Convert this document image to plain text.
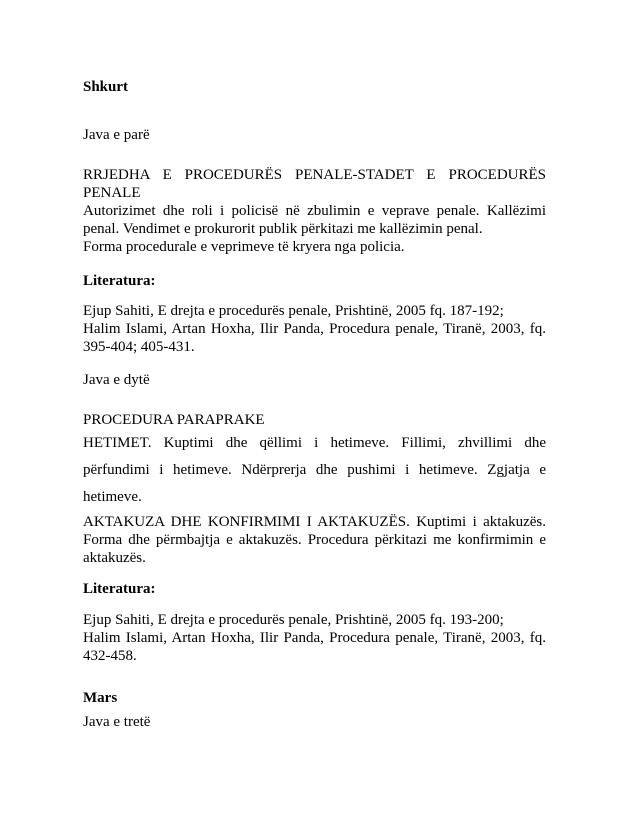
Shkurt
Java e parë
RRJEDHA E PROCEDURËS PENALE-STADET E PROCEDURËS
PENALE
Autorizimet dhe roli i policisë në zbulimin e veprave penale. Kallëzimi
penal. Vendimet e prokurorit publik përkitazi me kallëzimin penal.
Forma procedurale e veprimeve të kryera nga policia.
Literatura:
Ejup Sahiti, E drejta e procedurës penale, Prishtinë, 2005 fq. 187-192;
Halim Islami, Artan Hoxha, Ilir Panda, Procedura penale, Tiranë, 2003, fq.
395-404; 405-431.
Java e dytë
PROCEDURA PARAPRAKE
HETIMET. Kuptimi dhe qëllimi i hetimeve. Fillimi, zhvillimi dhe
përfundimi i hetimeve. Ndërprerja dhe pushimi i hetimeve. Zgjatja e
hetimeve.
AKTAKUZA DHE KONFIRMIMI I AKTAKUZËS. Kuptimi i aktakuzës.
Forma dhe përmbajtja e aktakuzës. Procedura përkitazi me konfirmimin e
aktakuzës.
Literatura:
Ejup Sahiti, E drejta e procedurës penale, Prishtinë, 2005 fq. 193-200;
Halim Islami, Artan Hoxha, Ilir Panda, Procedura penale, Tiranë, 2003, fq.
432-458.
Mars
Java e tretë
